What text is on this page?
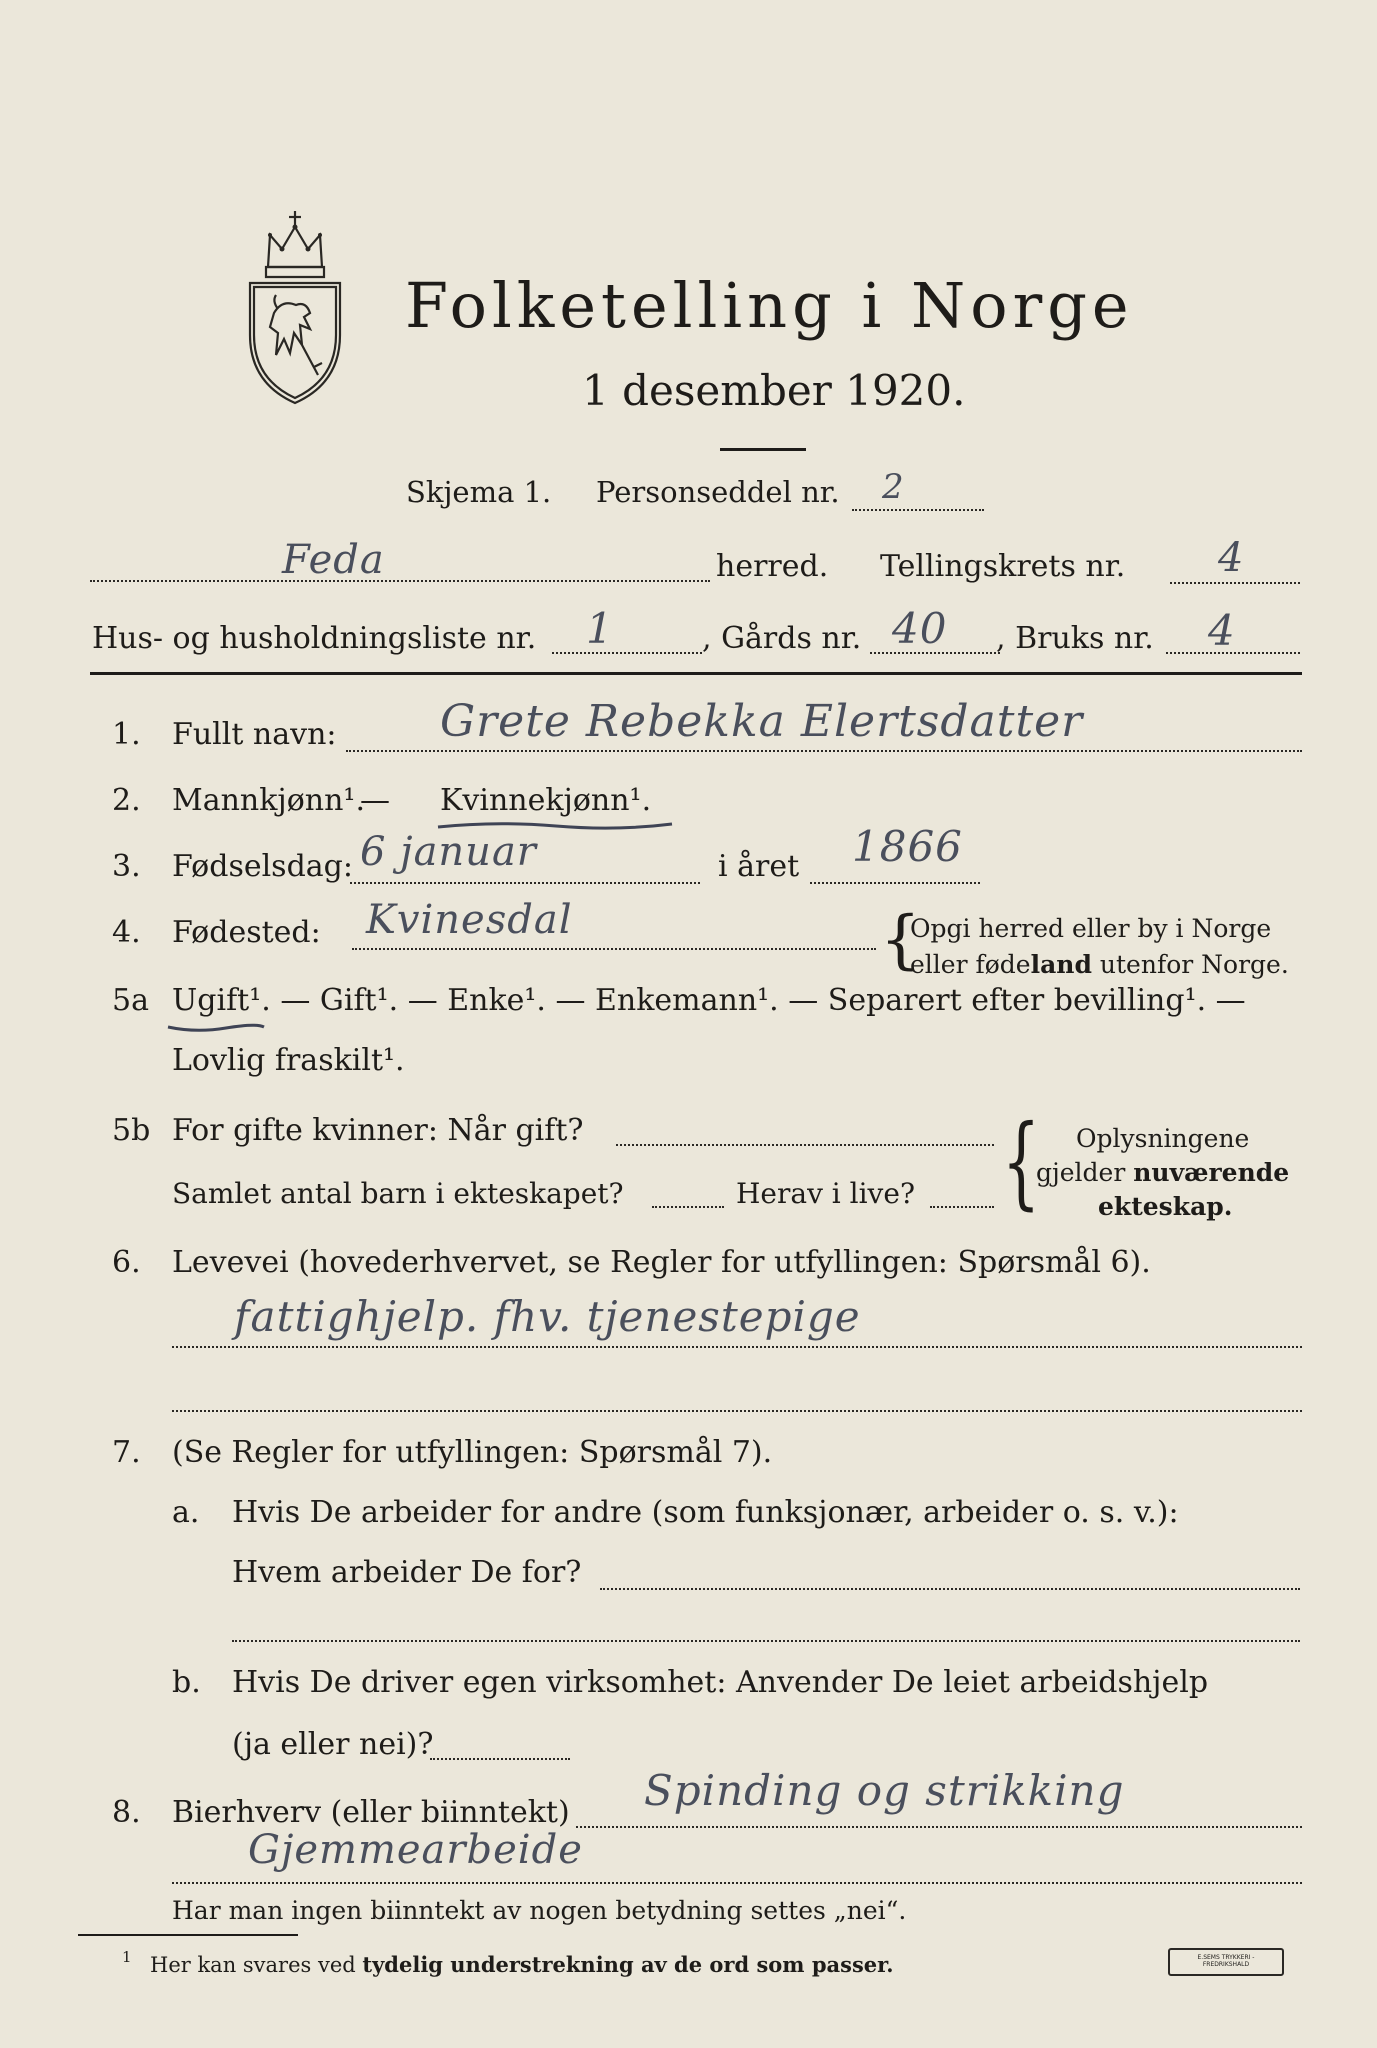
Folketelling i Norge
1 desember 1920.
Skjema 1. Personseddel nr. 2
Feda	herred. Tellingskrets nr. 4
Hus- og husholdningsliste nr. 1	, Gårds nr. 40 , Bruks nr. 4
1. Fullt navn: Grete Rebekka Elertsdatter
2. Mannkjønn¹.
— Kvinnekjønn¹.
3. Fødselsdag: 6 januar	i året 1866
4. Fødested: Kvinesdal	{
Opgi herred eller by i Norge
eller fødeland utenfor Norge.
5a Ugift¹. — Gift¹. — Enke¹. — Enkemann¹. — Separert efter bevilling¹. —
Lovlig fraskilt¹.
5b For gifte kvinner: Når gift?
Samlet antal barn i ekteskapet?	Herav i live? { Oplysningene
gjelder nuværende
ekteskap.
6. Levevei (hovederhvervet, se Regler for utfyllingen: Spørsmål 6).
fattighjelp. fhv. tjenestepige
7. (Se Regler for utfyllingen: Spørsmål 7).
a. Hvis De arbeider for andre (som funksjonær, arbeider o. s. v.):
Hvem arbeider De for?
b. Hvis De driver egen virksomhet: Anvender De leiet arbeidshjelp
(ja eller nei)?
8. Bierhverv (eller biinntekt) Spinding og strikking
Gjemmearbeide
Har man ingen biinntekt av nogen betydning settes „nei“.
1 Her kan svares ved tydelig understrekning av de ord som passer.	E.SEMS TRYKKERI - FREDRIKSHALD
